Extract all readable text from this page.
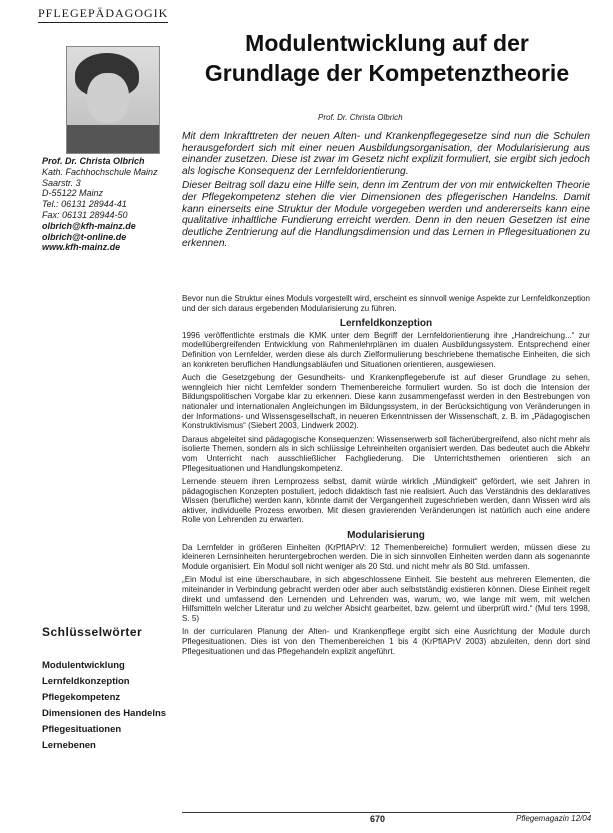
PFLEGEPÄDAGOGIK
Prof. Dr. Christa Olbrich
Kath. Fachhochschule Mainz
Saarstr. 3
D-55122 Mainz
Tel.: 06131 28944-41
Fax: 06131 28944-50
olbrich@kfh-mainz.de
olbrich@t-online.de
www.kfh-mainz.de
Schlüsselwörter
Modulentwicklung
Lernfeldkonzeption
Pflegekompetenz
Dimensionen des Handelns
Pflegesituationen
Lernebenen
Modulentwicklung auf der
Grundlage der Kompetenztheorie
Prof. Dr. Christa Olbrich

Mit dem Inkrafttreten der neuen Alten- und Krankenpflegegesetze sind nun die Schulen herausgefordert sich mit einer neuen Ausbildungsorganisation, der Modularisierung aus einander zusetzen. Diese ist zwar im Gesetz nicht explizit formuliert, sie ergibt sich jedoch als logische Konsequenz der Lernfeldorientierung.

Dieser Beitrag soll dazu eine Hilfe sein, denn im Zentrum der von mir entwickelten Theorie der Pflegekompetenz stehen die vier Dimensionen des pflegerischen Handelns. Damit kann einerseits eine Struktur der Module vorgegeben werden und andererseits kann eine qualitative inhaltliche Fundierung erreicht werden. Denn in den neuen Gesetzen ist eine deutliche Zentrierung auf die Handlungsdimension und das Lernen in Pflegesituationen zu erkennen.

Bevor nun die Struktur eines Moduls vorgestellt wird, erscheint es sinnvoll wenige Aspekte zur Lernfeldkonzeption und der sich daraus ergebenden Modularisierung zu führen.

Lernfeldkonzeption

1996 veröffentlichte erstmals die KMK unter dem Begriff der Lernfeldorientierung ihre „Handreichung...“ zur modellübergreifenden Entwicklung von Rahmenlehrplänen im dualen Ausbildungssystem. Entsprechend einer Definition von Lernfelder, werden diese als durch Zielformulierung beschriebene thematische Einheiten, die sich an konkreten beruflichen Handlungsabläufen und Situationen orientieren, ausgewiesen.

Auch die Gesetzgebung der Gesundheits- und Krankenpflegeberufe ist auf dieser Grundlage zu sehen, wenngleich hier nicht Lernfelder sondern Themenbereiche formuliert wurden. So ist doch die Intension der Bildungspolitischen Vorgabe klar zu erkennen. Diese kann zusammengefasst werden in den Bestrebungen von nationaler und internationalen Angleichungen im Bildungssystem, in der Berücksichtigung von Veränderungen in der Informations- und Wissensgesellschaft, in neueren Erkenntnissen der Wissenschaft, z. B. im „Pädagogischen Konstruktivismus“ (Siebert 2003, Lindwerk 2002).

Daraus abgeleitet sind pädagogische Konsequenzen: Wissenserwerb soll fächerübergreifend, also nicht mehr als isolierte Themen, sondern als in sich schlüssige Lehreinheiten organisiert werden. Das bedeutet auch die Abkehr vom Unterricht nach ausschließlicher Fachgliederung. Die Unterrichtsthemen orientieren sich an Pflegesituationen und Handlungskompetenz.

Lernende steuern ihren Lernprozess selbst, damit würde wirklich „Mündigkeit“ gefördert, wie seit Jahren in pädagogischen Konzepten postuliert, jedoch didaktisch fast nie realisiert. Auch das Verständnis des deklaratives Wissen (berufliche) werden kann, könnte damit der Vergangenheit zugeschrieben werden, dann Wissen wird als aktiver, individuelle Prozess erworben. Mit diesen gravierenden Veränderungen ist natürlich auch eine andere Rolle von Lehrenden zu erwarten.

Modularisierung

Da Lernfelder in größeren Einheiten (KrPflAPrV: 12 Themenbereiche) formuliert werden, müssen diese zu kleineren Lernsinheiten heruntergebrochen werden. Die in sich sinnvollen Einheiten werden dann als sogenannte Module organisiert. Ein Modul soll nicht weniger als 20 Std. und nicht mehr als 80 Std. umfassen.

„Ein Modul ist eine überschaubare, in sich abgeschlossene Einheit. Sie besteht aus mehreren Elementen, die miteinander in Verbindung gebracht werden oder aber auch selbstständig existieren können. Diese Einheit regelt direkt und umfassend den Lernenden und Lehrenden was, warum, wo, wie lange mit wem, mit welchen Hilfsmitteln welcher Literatur und zu welcher Absicht gearbeitet, bzw. gelernt und überprüft wird.“ (Mul ters 1998, S. 5)

In der curricularen Planung der Alten- und Krankenpflege ergibt sich eine Ausrichtung der Module durch Pflegesituationen. Dies ist von den Themenbereichen 1 bis 4 (KrPflAPrV 2003) abzuleiten, denn dort sind Pflegesituationen und das Pflegehandeln explizit angeführt.

670	Pflegemagazin 12/04
